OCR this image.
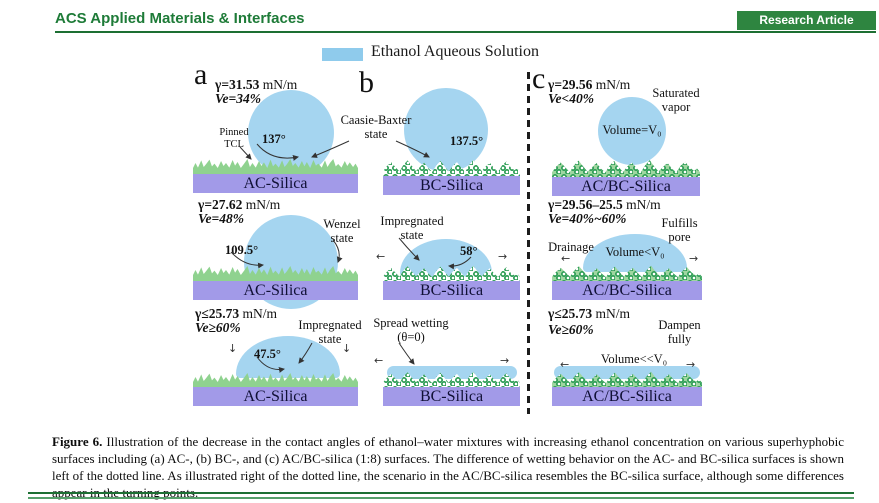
ACS Applied Materials & Interfaces	Research Article
Ethanol Aqueous Solution
a	b	c
γ=31.53 mN/m
Ve=34%
Pinned TCL	137°
Caasie-Baxter state
AC-Silica
137.5°
BC-Silica
γ=29.56 mN/m
Ve<40%	Saturated vapor
Volume=V₀
AC/BC-Silica
γ=27.62 mN/m
Ve=48%	Wenzel state
109.5°
AC-Silica
Impregnated state
58°
←	→
BC-Silica
γ=29.56–25.5 mN/m
Ve=40%~60%	Fulfills pore
Drainage Volume<V₀
←	→
AC/BC-Silica
γ≤25.73 mN/m
Ve≥60%	Impregnated state
47.5°
↓	↓
AC-Silica
Spread wetting (θ=0)
←	→
BC-Silica
γ≤25.73 mN/m
Ve≥60%	Dampen fully
Volume<<V₀
←	→
AC/BC-Silica

Figure 6. Illustration of the decrease in the contact angles of ethanol–water mixtures with increasing ethanol concentration on various superhyphobic surfaces including (a) AC-, (b) BC-, and (c) AC/BC-silica (1:8) surfaces. The difference of wetting behavior on the AC- and BC-silica surfaces is shown left of the dotted line. As illustrated right of the dotted line, the scenario in the AC/BC-silica resembles the BC-silica surface, although some differences appear in the turning points.
